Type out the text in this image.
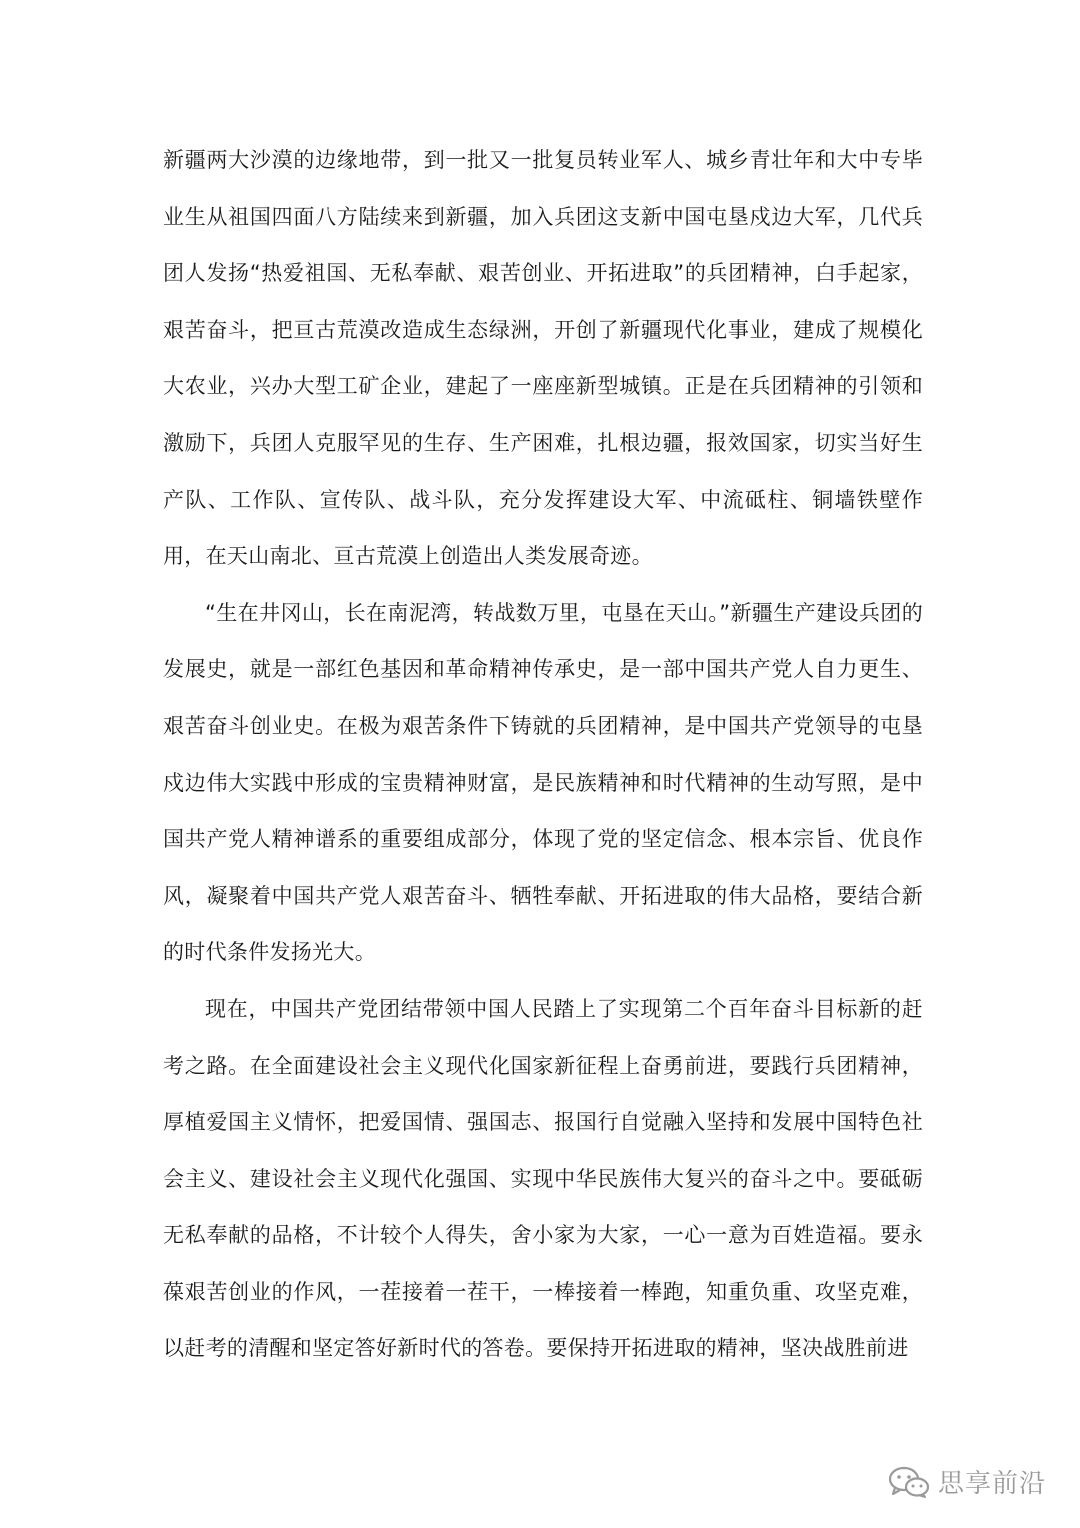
新疆两大沙漠的边缘地带，到一批又一批复员转业军人、城乡青壮年和大中专毕业生从祖国四面八方陆续来到新疆，加入兵团这支新中国屯垦戍边大军，几代兵团人发扬“热爱祖国、无私奉献、艰苦创业、开拓进取”的兵团精神，白手起家，艰苦奋斗，把亘古荒漠改造成生态绿洲，开创了新疆现代化事业，建成了规模化大农业，兴办大型工矿企业，建起了一座座新型城镇。正是在兵团精神的引领和激励下，兵团人克服罕见的生存、生产困难，扎根边疆，报效国家，切实当好生产队、工作队、宣传队、战斗队，充分发挥建设大军、中流砥柱、铜墙铁壁作用，在天山南北、亘古荒漠上创造出人类发展奇迹。

“生在井冈山，长在南泥湾，转战数万里，屯垦在天山。”新疆生产建设兵团的发展史，就是一部红色基因和革命精神传承史，是一部中国共产党人自力更生、艰苦奋斗创业史。在极为艰苦条件下铸就的兵团精神，是中国共产党领导的屯垦戍边伟大实践中形成的宝贵精神财富，是民族精神和时代精神的生动写照，是中国共产党人精神谱系的重要组成部分，体现了党的坚定信念、根本宗旨、优良作风，凝聚着中国共产党人艰苦奋斗、牺牲奉献、开拓进取的伟大品格，要结合新的时代条件发扬光大。

现在，中国共产党团结带领中国人民踏上了实现第二个百年奋斗目标新的赶考之路。在全面建设社会主义现代化国家新征程上奋勇前进，要践行兵团精神，厚植爱国主义情怀，把爱国情、强国志、报国行自觉融入坚持和发展中国特色社会主义、建设社会主义现代化强国、实现中华民族伟大复兴的奋斗之中。要砥砺无私奉献的品格，不计较个人得失，舍小家为大家，一心一意为百姓造福。要永葆艰苦创业的作风，一茬接着一茬干，一棒接着一棒跑，知重负重、攻坚克难，以赶考的清醒和坚定答好新时代的答卷。要保持开拓进取的精神，坚决战胜前进

思享前沿
